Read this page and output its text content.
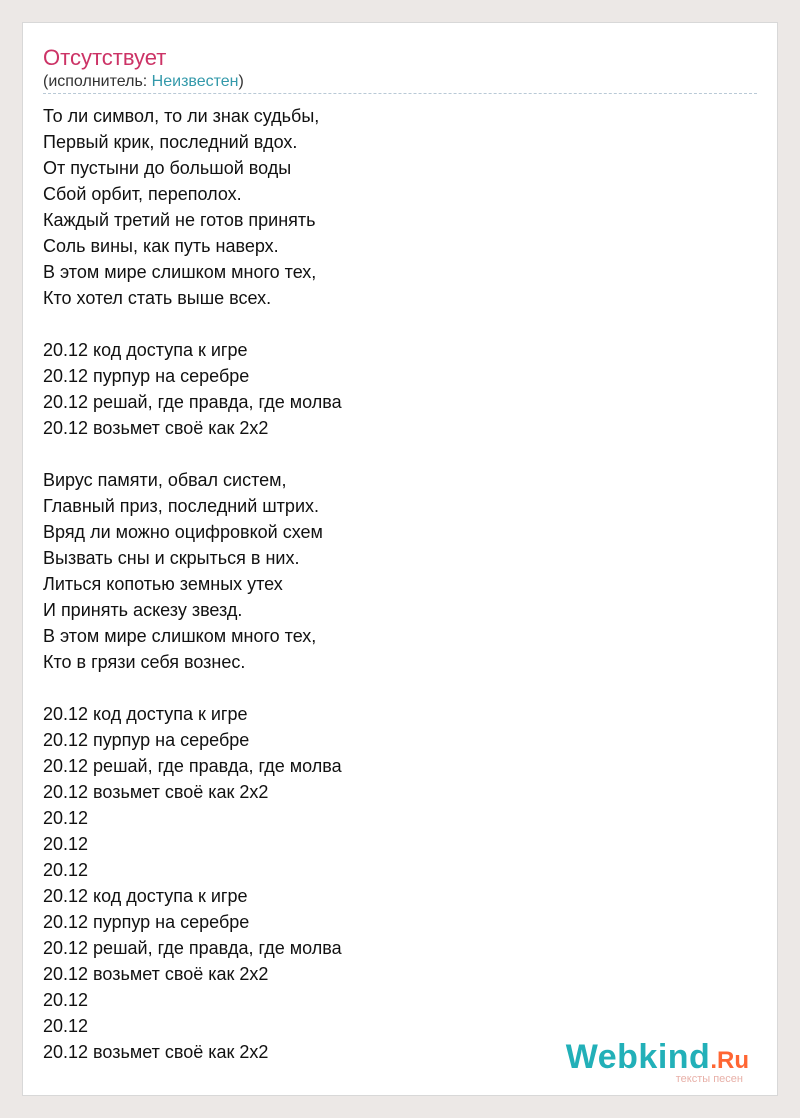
Отсутствует
(исполнитель: Неизвестен)
То ли символ, то ли знак судьбы,
Первый крик, последний вдох.
От пустыни до большой воды
Сбой орбит, переполох.
Каждый третий не готов принять
Соль вины, как путь наверх.
В этом мире слишком много тех,
Кто хотел стать выше всех.
20.12 код доступа к игре
20.12 пурпур на серебре
20.12 решай, где правда, где молва
20.12 возьмет своё как 2х2
Вирус памяти, обвал систем,
Главный приз, последний штрих.
Вряд ли можно оцифровкой схем
Вызвать сны и скрыться в них.
Литься копотью земных утех
И принять аскезу звезд.
В этом мире слишком много тех,
Кто в грязи себя вознес.
20.12 код доступа к игре
20.12 пурпур на серебре
20.12 решай, где правда, где молва
20.12 возьмет своё как 2х2
20.12
20.12
20.12
20.12 код доступа к игре
20.12 пурпур на серебре
20.12 решай, где правда, где молва
20.12 возьмет своё как 2х2
20.12
20.12
20.12 возьмет своё как 2х2	Webkind.Ru
тексты песен
